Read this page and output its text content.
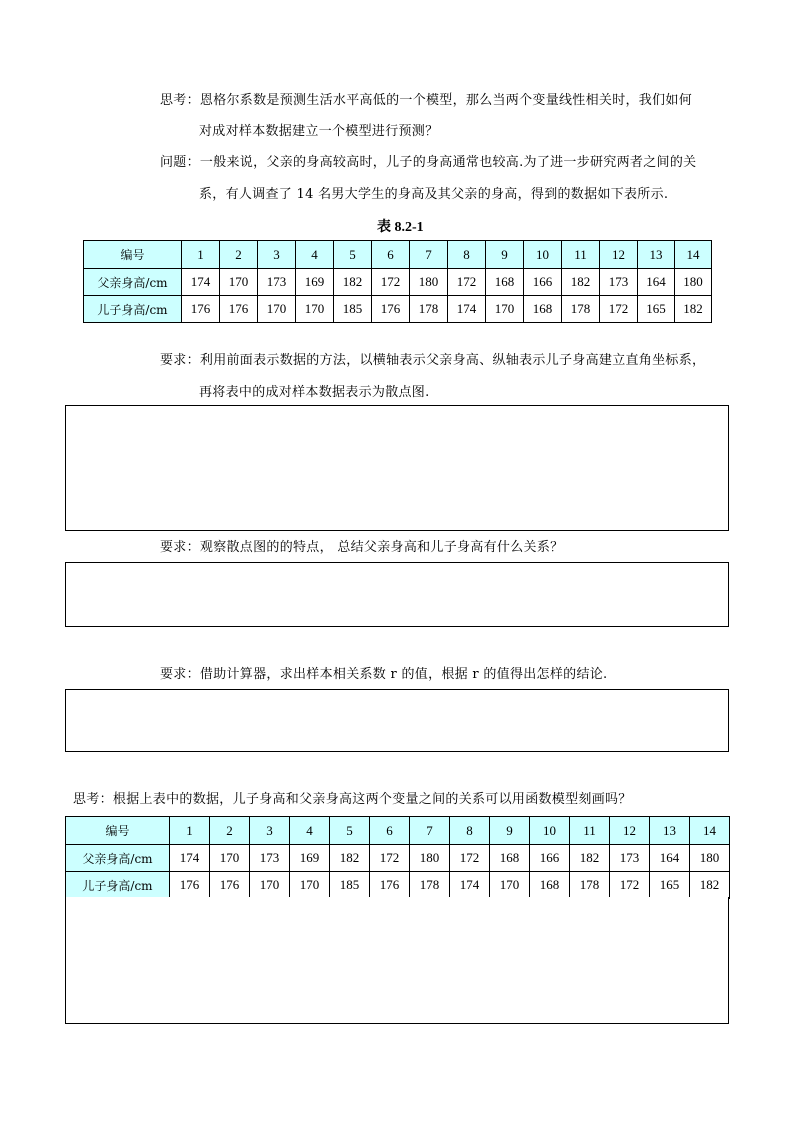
思考：恩格尔系数是预测生活水平高低的一个模型，那么当两个变量线性相关时，我们如何
对成对样本数据建立一个模型进行预测？
问题：一般来说，父亲的身高较高时，儿子的身高通常也较高.为了进一步研究两者之间的关
系，有人调查了 14 名男大学生的身高及其父亲的身高，得到的数据如下表所示.
表 8.2-1
编号	1	2	3	4	5	6	7	8	9	10	11	12	13	14
父亲身高/cm	174	170	173	169	182	172	180	172	168	166	182	173	164	180
儿子身高/cm	176	176	170	170	185	176	178	174	170	168	178	172	165	182
要求：利用前面表示数据的方法，以横轴表示父亲身高、纵轴表示儿子身高建立直角坐标系，
再将表中的成对样本数据表示为散点图.
要求：观察散点图的的特点， 总结父亲身高和儿子身高有什么关系？
要求：借助计算器，求出样本相关系数 r 的值，根据 r 的值得出怎样的结论.
思考：根据上表中的数据，儿子身高和父亲身高这两个变量之间的关系可以用函数模型刻画吗？
编号	1	2	3	4	5	6	7	8	9	10	11	12	13	14
父亲身高/cm	174	170	173	169	182	172	180	172	168	166	182	173	164	180
儿子身高/cm	176	176	170	170	185	176	178	174	170	168	178	172	165	182
